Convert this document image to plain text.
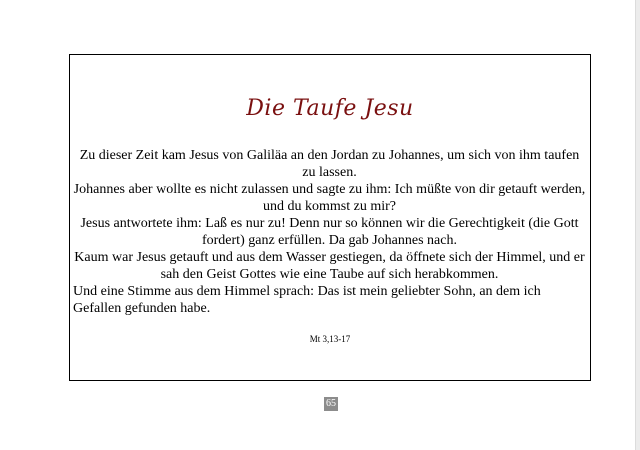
Die Taufe Jesu

Zu dieser Zeit kam Jesus von Galiläa an den Jordan zu Johannes, um sich von ihm taufen zu lassen.

Johannes aber wollte es nicht zulassen und sagte zu ihm: Ich müßte von dir getauft werden, und du kommst zu mir?

Jesus antwortete ihm: Laß es nur zu! Denn nur so können wir die Gerechtigkeit (die Gott fordert) ganz erfüllen. Da gab Johannes nach.

Kaum war Jesus getauft und aus dem Wasser gestiegen, da öffnete sich der Himmel, und er sah den Geist Gottes wie eine Taube auf sich herabkommen.

Und eine Stimme aus dem Himmel sprach: Das ist mein geliebter Sohn, an dem ich Gefallen gefunden habe.

Mt 3,13-17

65
